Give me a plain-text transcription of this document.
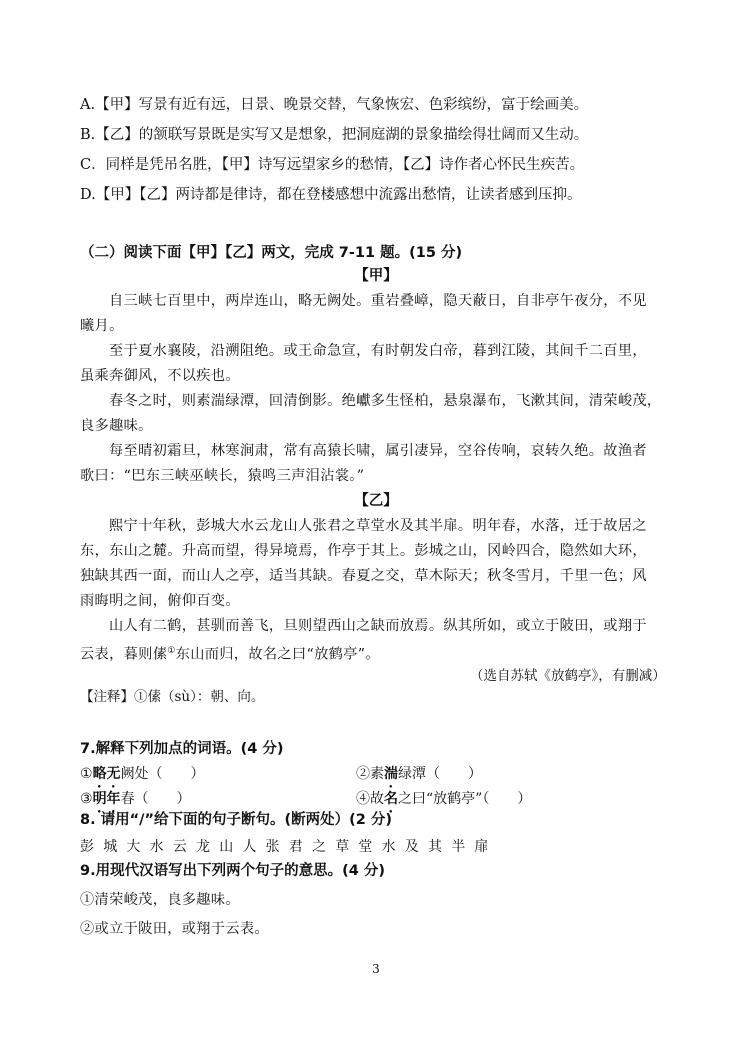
A.【甲】写景有近有远，日景、晚景交替，气象恢宏、色彩缤纷，富于绘画美。
B.【乙】的颔联写景既是实写又是想象，把洞庭湖的景象描绘得壮阔而又生动。
C．同样是凭吊名胜，【甲】诗写远望家乡的愁情，【乙】诗作者心怀民生疾苦。
D.【甲】【乙】两诗都是律诗，都在登楼感想中流露出愁情，让读者感到压抑。
（二）阅读下面【甲】【乙】两文，完成 7-11 题。(15 分)
【甲】
自三峡七百里中，两岸连山，略无阙处。重岩叠嶂，隐天蔽日，自非亭午夜分，不见
曦月。
至于夏水襄陵，沿溯阻绝。或王命急宣，有时朝发白帝，暮到江陵，其间千二百里，
虽乘奔御风，不以疾也。
春冬之时，则素湍绿潭，回清倒影。绝巘多生怪柏，悬泉瀑布，飞漱其间，清荣峻茂，
良多趣味。
每至晴初霜旦，林寒涧肃，常有高猿长啸，属引凄异，空谷传响，哀转久绝。故渔者
歌曰：“巴东三峡巫峡长，猿鸣三声泪沾裳。”
【乙】
熙宁十年秋，彭城大水云龙山人张君之草堂水及其半扉。明年春，水落，迁于故居之
东，东山之麓。升高而望，得异境焉，作亭于其上。彭城之山，冈岭四合，隐然如大环，
独缺其西一面，而山人之亭，适当其缺。春夏之交，草木际天；秋冬雪月，千里一色；风
雨晦明之间，俯仰百变。
山人有二鹤，甚驯而善飞，旦则望西山之缺而放焉。纵其所如，或立于陂田，或翔于
云表，暮则傃①东山而归，故名之曰“放鹤亭”。
（选自苏轼《放鹤亭》，有删减）
【注释】①傃（sù）：朝、向。
7.解释下列加点的词语。(4 分)
①略无阙处（　　）	②素湍绿潭（　　）
③明年春（　　）	④故名之曰“放鹤亭”（　　）
8. 请用“/”给下面的句子断句。(断两处）(2 分)
彭城大水云龙山人张君之草堂水及其半扉
9.用现代汉语写出下列两个句子的意思。(4 分)
①清荣峻茂，良多趣味。
②或立于陂田，或翔于云表。
3
